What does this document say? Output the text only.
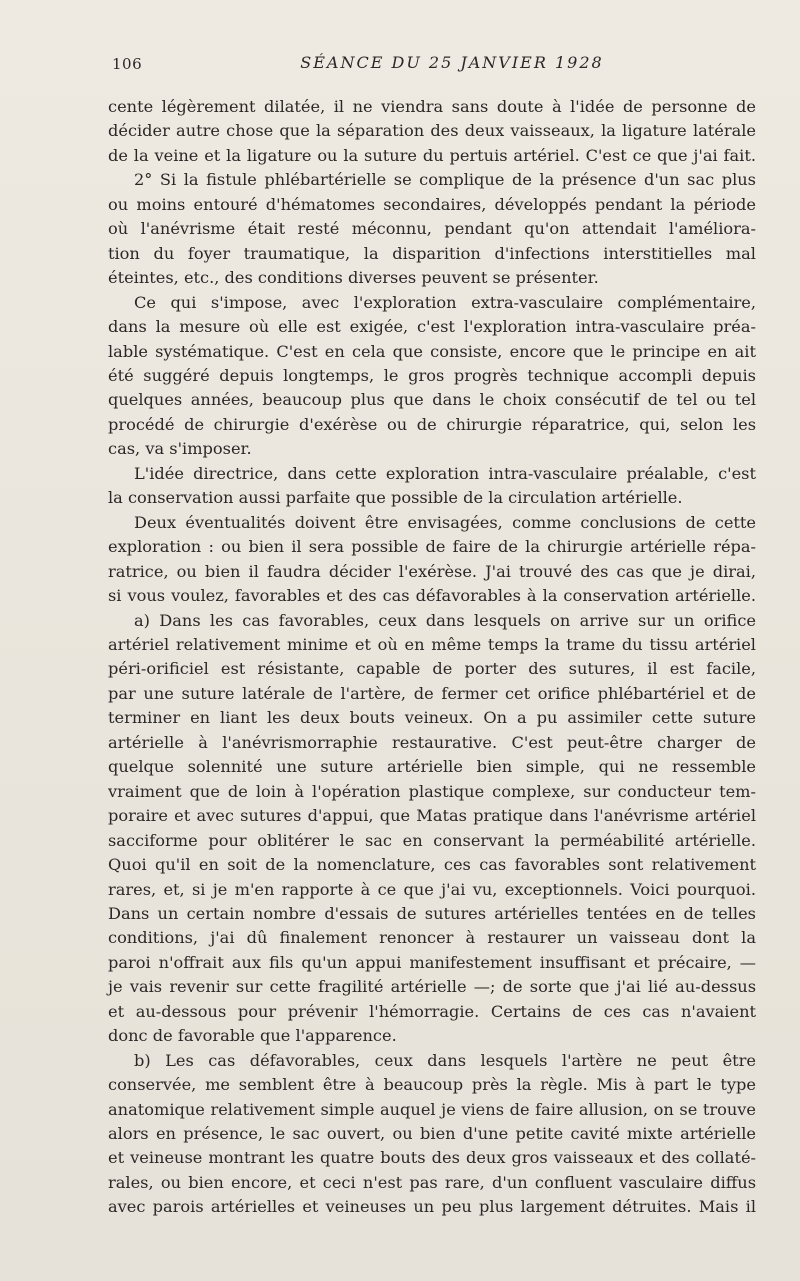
106	SÉANCE DU 25 JANVIER 1928

cente légèrement dilatée, il ne viendra sans doute à l'idée de personne de

décider autre chose que la séparation des deux vaisseaux, la ligature latérale

de la veine et la ligature ou la suture du pertuis artériel. C'est ce que j'ai fait.

2° Si la fistule phlébartérielle se complique de la présence d'un sac plus

ou moins entouré d'hématomes secondaires, développés pendant la période

où l'anévrisme était resté méconnu, pendant qu'on attendait l'améliora-

tion du foyer traumatique, la disparition d'infections interstitielles mal

éteintes, etc., des conditions diverses peuvent se présenter.

Ce qui s'impose, avec l'exploration extra-vasculaire complémentaire,

dans la mesure où elle est exigée, c'est l'exploration intra-vasculaire préa-

lable systématique. C'est en cela que consiste, encore que le principe en ait

été suggéré depuis longtemps, le gros progrès technique accompli depuis

quelques années, beaucoup plus que dans le choix consécutif de tel ou tel

procédé de chirurgie d'exérèse ou de chirurgie réparatrice, qui, selon les

cas, va s'imposer.

L'idée directrice, dans cette exploration intra-vasculaire préalable, c'est

la conservation aussi parfaite que possible de la circulation artérielle.

Deux éventualités doivent être envisagées, comme conclusions de cette

exploration : ou bien il sera possible de faire de la chirurgie artérielle répa-

ratrice, ou bien il faudra décider l'exérèse. J'ai trouvé des cas que je dirai,

si vous voulez, favorables et des cas défavorables à la conservation artérielle.

a) Dans les cas favorables, ceux dans lesquels on arrive sur un orifice

artériel relativement minime et où en même temps la trame du tissu artériel

péri-orificiel est résistante, capable de porter des sutures, il est facile,

par une suture latérale de l'artère, de fermer cet orifice phlébartériel et de

terminer en liant les deux bouts veineux. On a pu assimiler cette suture

artérielle à l'anévrismorraphie restaurative. C'est peut-être charger de

quelque solennité une suture artérielle bien simple, qui ne ressemble

vraiment que de loin à l'opération plastique complexe, sur conducteur tem-

poraire et avec sutures d'appui, que Matas pratique dans l'anévrisme artériel

sacciforme pour oblitérer le sac en conservant la perméabilité artérielle.

Quoi qu'il en soit de la nomenclature, ces cas favorables sont relativement

rares, et, si je m'en rapporte à ce que j'ai vu, exceptionnels. Voici pourquoi.

Dans un certain nombre d'essais de sutures artérielles tentées en de telles

conditions, j'ai dû finalement renoncer à restaurer un vaisseau dont la

paroi n'offrait aux fils qu'un appui manifestement insuffisant et précaire, —

je vais revenir sur cette fragilité artérielle —; de sorte que j'ai lié au-dessus

et au-dessous pour prévenir l'hémorragie. Certains de ces cas n'avaient

donc de favorable que l'apparence.

b) Les cas défavorables, ceux dans lesquels l'artère ne peut être

conservée, me semblent être à beaucoup près la règle. Mis à part le type

anatomique relativement simple auquel je viens de faire allusion, on se trouve

alors en présence, le sac ouvert, ou bien d'une petite cavité mixte artérielle

et veineuse montrant les quatre bouts des deux gros vaisseaux et des collaté-

rales, ou bien encore, et ceci n'est pas rare, d'un confluent vasculaire diffus

avec parois artérielles et veineuses un peu plus largement détruites. Mais il
